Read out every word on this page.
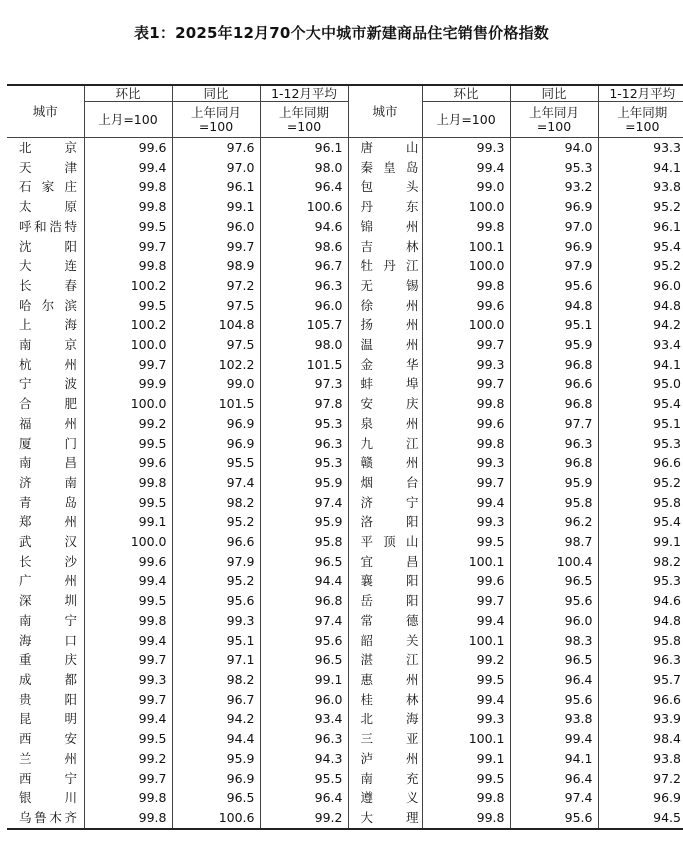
表1：2025年12月70个大中城市新建商品住宅销售价格指数
城市	环比	同比	1-12月平均	城市	环比	同比	1-12月平均
	上月=100	上年同月=100	上年同期=100		上月=100	上年同月=100	上年同期=100

北 京	99.6	97.6	96.1	唐 山	99.3	94.0	93.3

天 津	99.4	97.0	98.0	秦 皇 岛	99.4	95.3	94.1

石 家 庄	99.8	96.1	96.4	包 头	99.0	93.2	93.8

太 原	99.8	99.1	100.6	丹 东	100.0	96.9	95.2

呼 和 浩 特	99.5	96.0	94.6	锦 州	99.8	97.0	96.1

沈 阳	99.7	99.7	98.6	吉 林	100.1	96.9	95.4

大 连	99.8	98.9	96.7	牡 丹 江	100.0	97.9	95.2

长 春	100.2	97.2	96.3	无 锡	99.8	95.6	96.0

哈 尔 滨	99.5	97.5	96.0	徐 州	99.6	94.8	94.8

上 海	100.2	104.8	105.7	扬 州	100.0	95.1	94.2

南 京	100.0	97.5	98.0	温 州	99.7	95.9	93.4

杭 州	99.7	102.2	101.5	金 华	99.3	96.8	94.1

宁 波	99.9	99.0	97.3	蚌 埠	99.7	96.6	95.0

合 肥	100.0	101.5	97.8	安 庆	99.8	96.8	95.4

福 州	99.2	96.9	95.3	泉 州	99.6	97.7	95.1

厦 门	99.5	96.9	96.3	九 江	99.8	96.3	95.3

南 昌	99.6	95.5	95.3	赣 州	99.3	96.8	96.6

济 南	99.8	97.4	95.9	烟 台	99.7	95.9	95.2

青 岛	99.5	98.2	97.4	济 宁	99.4	95.8	95.8

郑 州	99.1	95.2	95.9	洛 阳	99.3	96.2	95.4

武 汉	100.0	96.6	95.8	平 顶 山	99.5	98.7	99.1

长 沙	99.6	97.9	96.5	宜 昌	100.1	100.4	98.2

广 州	99.4	95.2	94.4	襄 阳	99.6	96.5	95.3

深 圳	99.5	95.6	96.8	岳 阳	99.7	95.6	94.6

南 宁	99.8	99.3	97.4	常 德	99.4	96.0	94.8

海 口	99.4	95.1	95.6	韶 关	100.1	98.3	95.8

重 庆	99.7	97.1	96.5	湛 江	99.2	96.5	96.3

成 都	99.3	98.2	99.1	惠 州	99.5	96.4	95.7

贵 阳	99.7	96.7	96.0	桂 林	99.4	95.6	96.6

昆 明	99.4	94.2	93.4	北 海	99.3	93.8	93.9

西 安	99.5	94.4	96.3	三 亚	100.1	99.4	98.4

兰 州	99.2	95.9	94.3	泸 州	99.1	94.1	93.8

西 宁	99.7	96.9	95.5	南 充	99.5	96.4	97.2

银 川	99.8	96.5	96.4	遵 义	99.8	97.4	96.9

乌 鲁 木 齐	99.8	100.6	99.2	大 理	99.8	95.6	94.5
